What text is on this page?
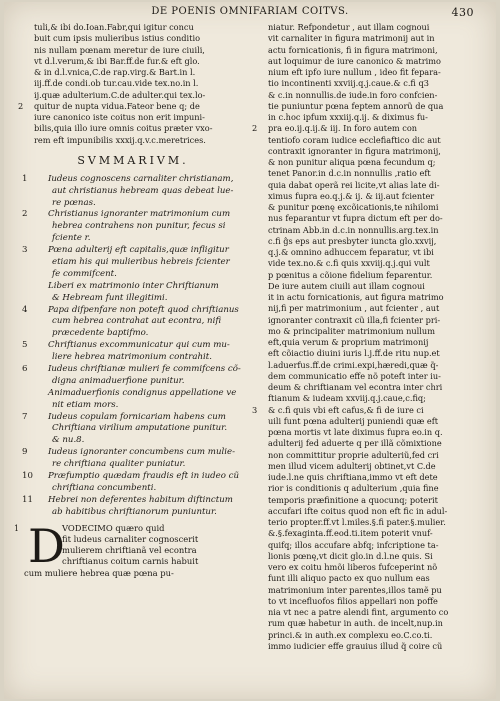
DE POENIS OMNIFARIAM COITVS.	430
tuli,& ibi do.Ioan.Fabr,qui igitur concu
buit cum ipsis mulieribus istius conditio
nis nullam pœnam meretur de iure ciuili,
vt d.l.verum,& ibi Bar.ff.de fur.& eft glo.
& in d.l.vnica,C.de rap.virg.& Bart.in l.
iij.ff.de condi.ob tur.cau.vide tex.no.in l.
ij.quæ adulterium.C.de adulter.qui tex.lo-
quitur de nupta vidua.Fateor bene q; de
2
iure canonico iste coitus non erit impuni-
bilis,quia illo iure omnis coitus præter vxo-
rem eft impunibilis xxxij.q.v.c.meretrices.
SVMMARIVM.
Iudeus cognoscens carnaliter christianam,
1
aut christianus hebream quas debeat lue-
re pœnas.
Christianus ignoranter matrimonium cum
2
hebrea contrahens non punitur, fecus si
fciente r.
Pœna adulterij eft capitalis,quæ infligitur
3
etiam his qui mulieribus hebreis fcienter
fe commifcent.
Liberi ex matrimonio inter Chriftianum
& Hebream funt illegitimi.
Papa difpenfare non poteft quod chriftianus
4
cum hebrea contrahat aut econtra, nifi
præcedente baptifmo.
Chriftianus excommunicatur qui cum mu-
5
liere hebrea matrimonium contrahit.
Iudeus chriftianæ mulieri fe commifcens cõ-
6
digna animaduerfione punitur.
Animaduerfionis condignus appellatione ve
nit etiam mors.
Iudeus copulam fornicariam habens cum
7
Chriftiana virilium amputatione punitur.
& nu.8.
Iudeus ignoranter concumbens cum mulie-
9
re chriftiana qualiter puniatur.
Præfumptio quædam fraudis eft in iudeo cũ
10
chriftiana concumbenti.
Hebrei non deferentes habitum diftinctum
11
ab habitibus chriftianorum puniuntur.
1 D
VODECIMO quæro quid
fit ludeus carnaliter cognoscerit
mulierem chriftianã vel econtra
chriftianus coitum carnis habuit
cum muliere hebrea quæ pœna pu-
niatur. Refpondetur , aut illam cognoui
vit carnaliter in figura matrimonij aut in
actu fornicationis, fi in figura matrimoni,
aut loquimur de iure canonico & matrimo
nium eft ipfo iure nullum , ideo fit fepara-
tio incontinenti xxviij.q.j.caue.& c.fi q3
& c.in nonnullis.de iude.in foro confcien-
tie puniuntur pœna feptem annorũ de qua
in c.hoc ipfum xxxiij.q.ij. & diximus fu-
pra eo.ij.q.ij.& iij. In foro autem con
2
tentiofo coram iudice ecclefiaftico dic aut
contraxit ignoranter in figura matrimonij,
& non punitur aliqua pœna fecundum q;
tenet Panor.in d.c.in nonnullis ,ratio eft
quia dabat operã rei licite,vt alias late di-
ximus fupra eo.q.j.& ij. & iij.aut fcienter
& punitur pœnę excõicationis,te nihilomi
nus feparantur vt fupra dictum eft per do-
ctrinam Abb.in d.c.in nonnullis.arg.tex.in
c.fi ĝs eps aut presbyter iuncta glo.xxvij,
q.j.& omnino adhuccem feparatur, vt ibi
vide tex.no.& c.fi quis xxviij.q.j.qui vult
p pœnitus a cõione fidelium feparentur.
De iure autem ciuili aut illam cognoui
it in actu fornicationis, aut figura matrimo
nij,fi per matrimonium , aut fcienter , aut
ignoranter contraxit cũ illa,fi fcienter pri-
mo & principaliter matrimonium nullum
eft,quia verum & proprium matrimonij
eft cõiactio diuini iuris l.j.ff.de ritu nup.et
l.aduerfus.ff.de crimi.expi,hæredi,quæ q̃-
dem communicatio effe nõ poteft inter iu-
deum & chriftianam vel econtra inter chri
ftianum & iudeam xxviij.q.j.caue,c.fiq;
& c.fi quis vbi eft cafus,& fi de iure ci
3
uili funt pœna adulterij puniendi quæ eft
pœna mortis vt late diximus fupra eo.in q.
adulterij fed aduerte q per illã cõmixtione
non committitur proprie adulteriũ,fed cri
men illud vicem adulterij obtinet,vt C.de
iude.l.ne quis chriftiana,immo vt eft dete
rior is conditionis q adulterium ,quia fine
temporis præfinitione a quocunq; poterit
accufari ifte coitus quod non eft fic in adul-
terio propter.ff.vt l.miles.§.fi pater.§.mulier.
&.§.fexaginta.ff.eod.ti.item poterit vnuf-
quifq; illos accufare abfq; infcriptione ta-
lionis pœnę,vt dicit glo.in d.l.ne quis. Si
vero ex coitu hmõi liberos fufceperint nõ
funt illi aliquo pacto ex quo nullum eas
matrimonium inter parentes,illos tamẽ pu
to vt incefluofos filios appellari non poffe
nia vt nec a patre alendi fint, argumento co
rum quæ habetur in auth. de incelt,nup.in
princi.& in auth.ex complexu eo.C.co.ti.
immo iudicier effe grauius illud q̃ coire cũ
